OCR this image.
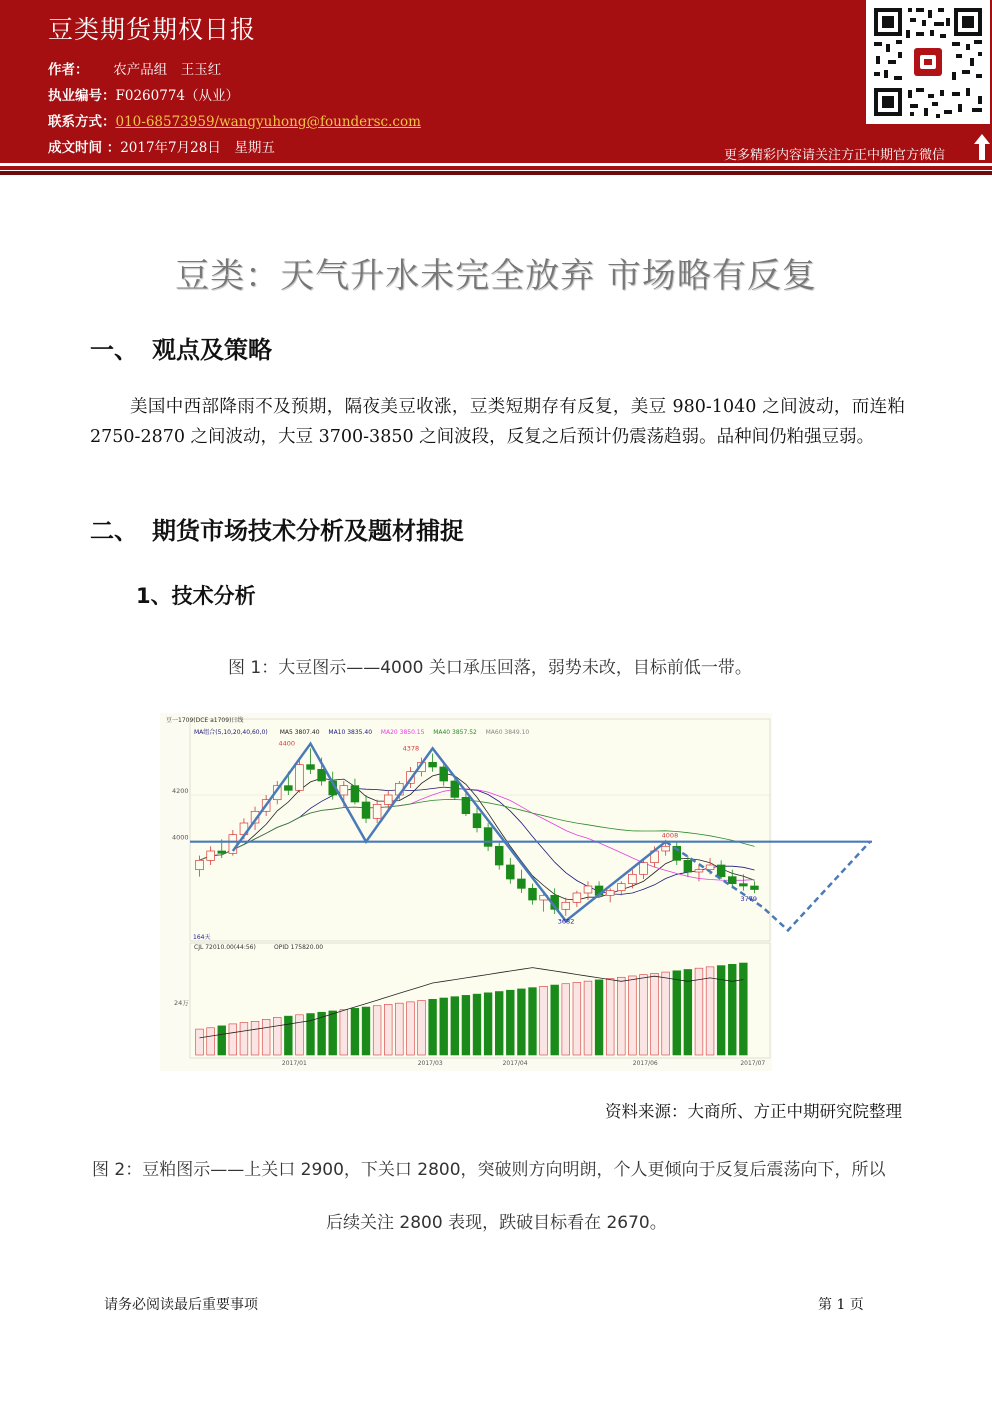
豆类期货期权日报
作者： 农产品组　王玉红
执业编号：F0260774（从业）
联系方式：010-68573959/wangyuhong@foundersc.com
成文时间 ：2017年7月28日　星期五	更多精彩内容请关注方正中期官方微信
豆类：天气升水未完全放弃 市场略有反复
一、 观点及策略
美国中西部降雨不及预期，隔夜美豆收涨，豆类短期存有反复，美豆 980-1040 之间波动，而连粕 2750-2870 之间波动，大豆 3700-3850 之间波段，反复之后预计仍震荡趋弱。品种间仍粕强豆弱。
二、 期货市场技术分析及题材捕捉
1、技术分析
图 1：大豆图示——4000 关口承压回落，弱势未改，目标前低一带。
4400
4378
4008
3682
3779
豆一1709(DCE a1709)日线
MA组合(5,10,20,40,60,0) MA5 3807.40 MA10 3835.40 MA20 3850.15 MA40 3857.52 MA60 3849.10
CJL 72010.00(44:56)	OPID 175820.00
164天
24万
2017/01	2017/03	2017/04	2017/06	2017/07
4200
4000
资料来源：大商所、方正中期研究院整理
图 2：豆粕图示——上关口 2900，下关口 2800，突破则方向明朗，个人更倾向于反复后震荡向下，所以
后续关注 2800 表现，跌破目标看在 2670。
请务必阅读最后重要事项	第 1 页
